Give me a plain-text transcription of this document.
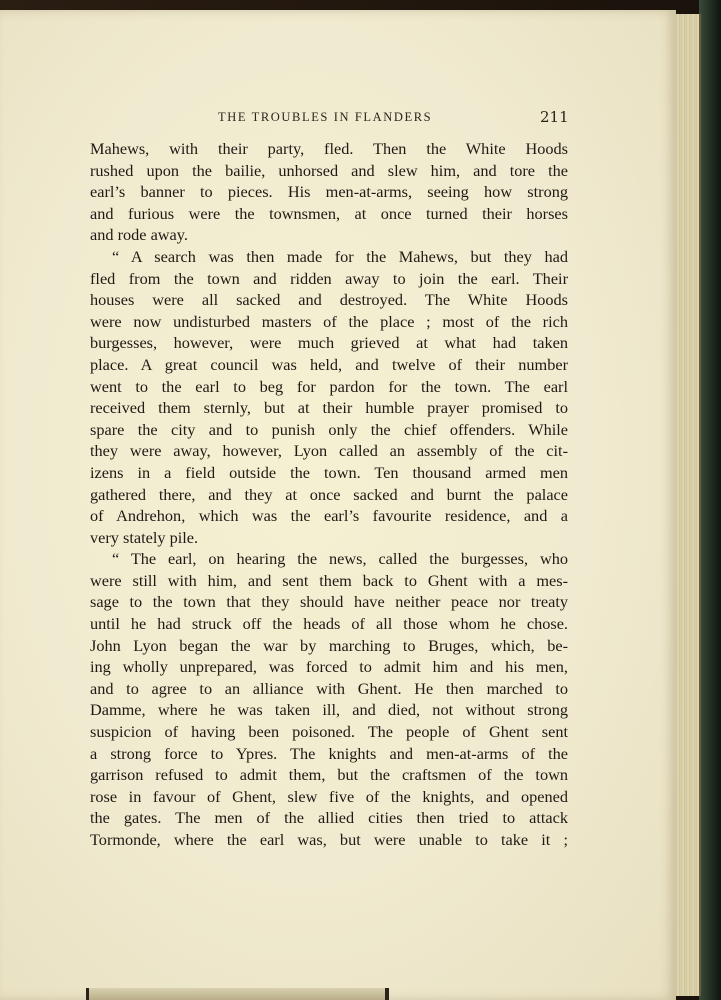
THE TROUBLES IN FLANDERS	211
Mahews, with their party, fled. Then the White Hoods
rushed upon the bailie, unhorsed and slew him, and tore the
earl’s banner to pieces. His men-at-arms, seeing how strong
and furious were the townsmen, at once turned their horses
and rode away.
“ A search was then made for the Mahews, but they had
fled from the town and ridden away to join the earl. Their
houses were all sacked and destroyed. The White Hoods
were now undisturbed masters of the place ; most of the rich
burgesses, however, were much grieved at what had taken
place. A great council was held, and twelve of their number
went to the earl to beg for pardon for the town. The earl
received them sternly, but at their humble prayer promised to
spare the city and to punish only the chief offenders. While
they were away, however, Lyon called an assembly of the cit-
izens in a field outside the town. Ten thousand armed men
gathered there, and they at once sacked and burnt the palace
of Andrehon, which was the earl’s favourite residence, and a
very stately pile.
“ The earl, on hearing the news, called the burgesses, who
were still with him, and sent them back to Ghent with a mes-
sage to the town that they should have neither peace nor treaty
until he had struck off the heads of all those whom he chose.
John Lyon began the war by marching to Bruges, which, be-
ing wholly unprepared, was forced to admit him and his men,
and to agree to an alliance with Ghent. He then marched to
Damme, where he was taken ill, and died, not without strong
suspicion of having been poisoned. The people of Ghent sent
a strong force to Ypres. The knights and men-at-arms of the
garrison refused to admit them, but the craftsmen of the town
rose in favour of Ghent, slew five of the knights, and opened
the gates. The men of the allied cities then tried to attack
Tormonde, where the earl was, but were unable to take it ;
